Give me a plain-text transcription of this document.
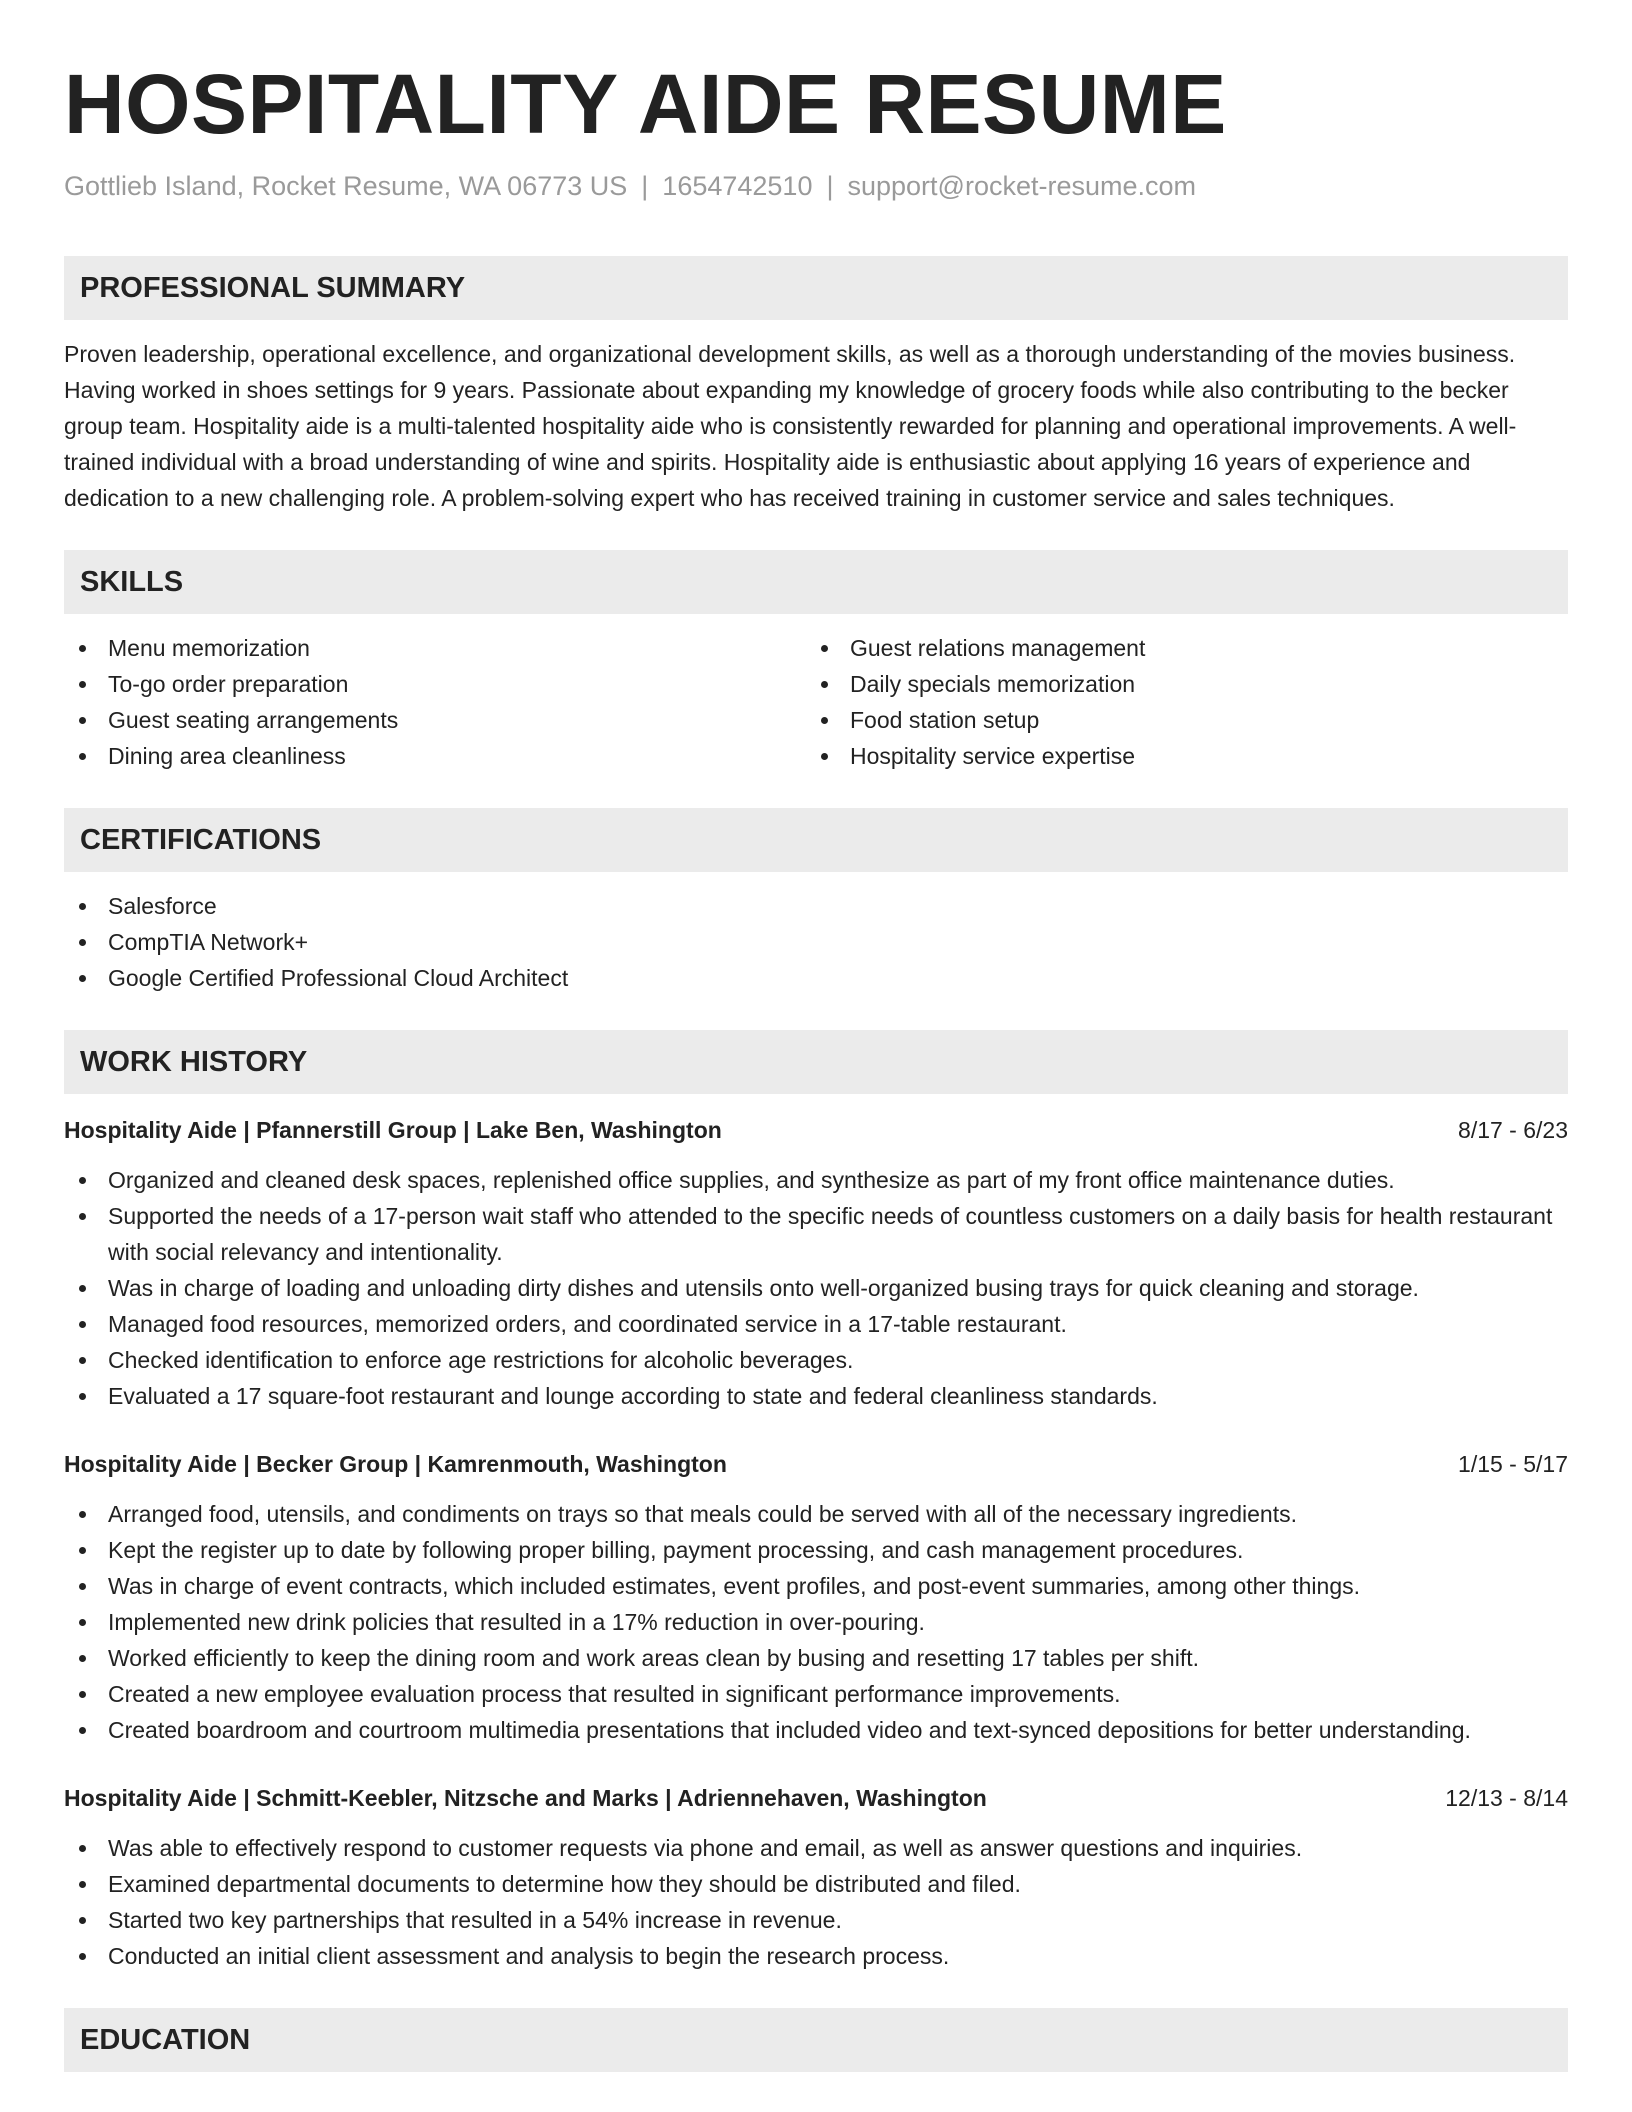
HOSPITALITY AIDE RESUME
Gottlieb Island, Rocket Resume, WA 06773 US | 1654742510 | support@rocket-resume.com
PROFESSIONAL SUMMARY
Proven leadership, operational excellence, and organizational development skills, as well as a thorough understanding of the movies business. Having worked in shoes settings for 9 years. Passionate about expanding my knowledge of grocery foods while also contributing to the becker group team. Hospitality aide is a multi-talented hospitality aide who is consistently rewarded for planning and operational improvements. A well-trained individual with a broad understanding of wine and spirits. Hospitality aide is enthusiastic about applying 16 years of experience and dedication to a new challenging role. A problem-solving expert who has received training in customer service and sales techniques.
SKILLS
Menu memorization
To-go order preparation
Guest seating arrangements
Dining area cleanliness
Guest relations management
Daily specials memorization
Food station setup
Hospitality service expertise
CERTIFICATIONS
Salesforce
CompTIA Network+
Google Certified Professional Cloud Architect
WORK HISTORY
Hospitality Aide | Pfannerstill Group | Lake Ben, Washington	8/17 - 6/23
Organized and cleaned desk spaces, replenished office supplies, and synthesize as part of my front office maintenance duties.
Supported the needs of a 17-person wait staff who attended to the specific needs of countless customers on a daily basis for health restaurant with social relevancy and intentionality.
Was in charge of loading and unloading dirty dishes and utensils onto well-organized busing trays for quick cleaning and storage.
Managed food resources, memorized orders, and coordinated service in a 17-table restaurant.
Checked identification to enforce age restrictions for alcoholic beverages.
Evaluated a 17 square-foot restaurant and lounge according to state and federal cleanliness standards.
Hospitality Aide | Becker Group | Kamrenmouth, Washington	1/15 - 5/17
Arranged food, utensils, and condiments on trays so that meals could be served with all of the necessary ingredients.
Kept the register up to date by following proper billing, payment processing, and cash management procedures.
Was in charge of event contracts, which included estimates, event profiles, and post-event summaries, among other things.
Implemented new drink policies that resulted in a 17% reduction in over-pouring.
Worked efficiently to keep the dining room and work areas clean by busing and resetting 17 tables per shift.
Created a new employee evaluation process that resulted in significant performance improvements.
Created boardroom and courtroom multimedia presentations that included video and text-synced depositions for better understanding.
Hospitality Aide | Schmitt-Keebler, Nitzsche and Marks | Adriennehaven, Washington	12/13 - 8/14
Was able to effectively respond to customer requests via phone and email, as well as answer questions and inquiries.
Examined departmental documents to determine how they should be distributed and filed.
Started two key partnerships that resulted in a 54% increase in revenue.
Conducted an initial client assessment and analysis to begin the research process.
EDUCATION
